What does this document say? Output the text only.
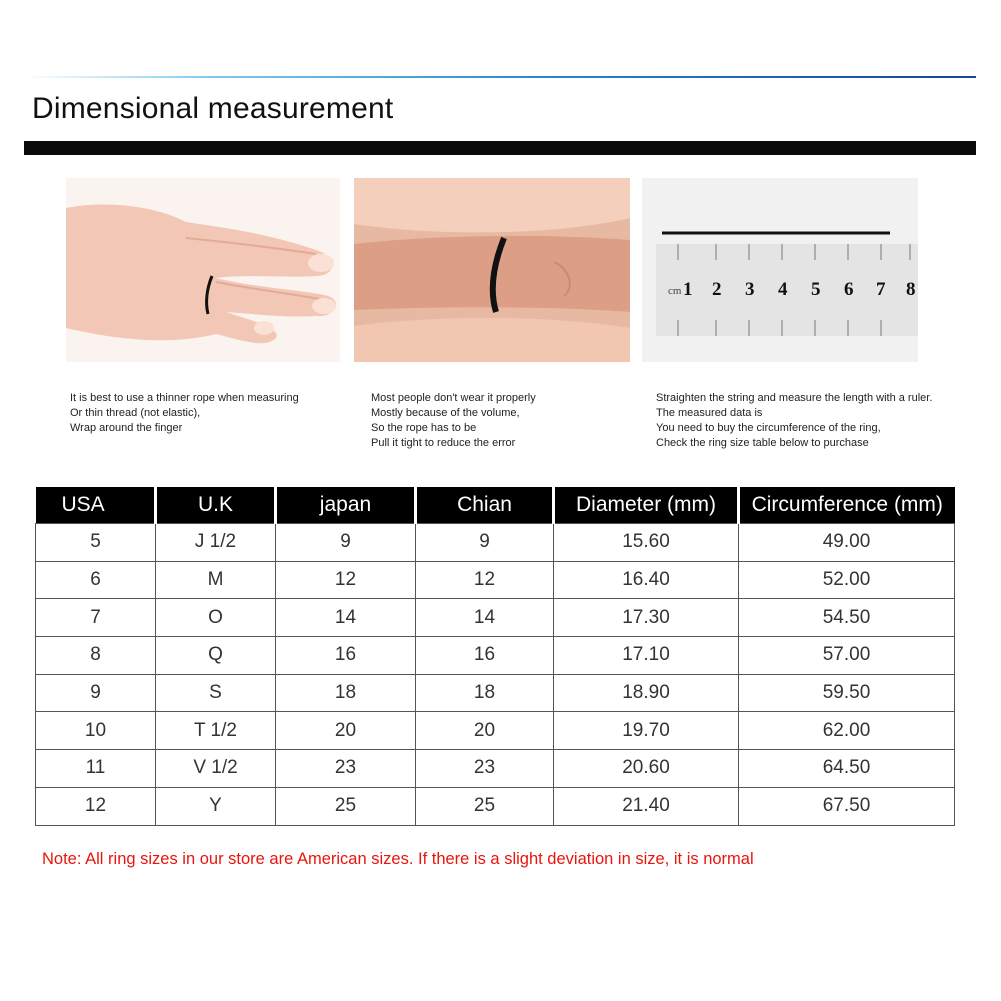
Dimensional measurement
cm 1 2 3 4 5 6 7 8
It is best to use a thinner rope when measuring
Or thin thread (not elastic),
Wrap around the finger
Most people don't wear it properly
Mostly because of the volume,
So the rope has to be
Pull it tight to reduce the error
Straighten the string and measure the length with a ruler.
The measured data is
You need to buy the circumference of the ring,
Check the ring size table below to purchase
USA	U.K	japan	Chian	Diameter (mm)	Circumference (mm)
5	J 1/2	9	9	15.60	49.00
6	M	12	12	16.40	52.00
7	O	14	14	17.30	54.50
8	Q	16	16	17.10	57.00
9	S	18	18	18.90	59.50
10	T 1/2	20	20	19.70	62.00
11	V 1/2	23	23	20.60	64.50
12	Y	25	25	21.40	67.50
Note: All ring sizes in our store are American sizes. If there is a slight deviation in size, it is normal
